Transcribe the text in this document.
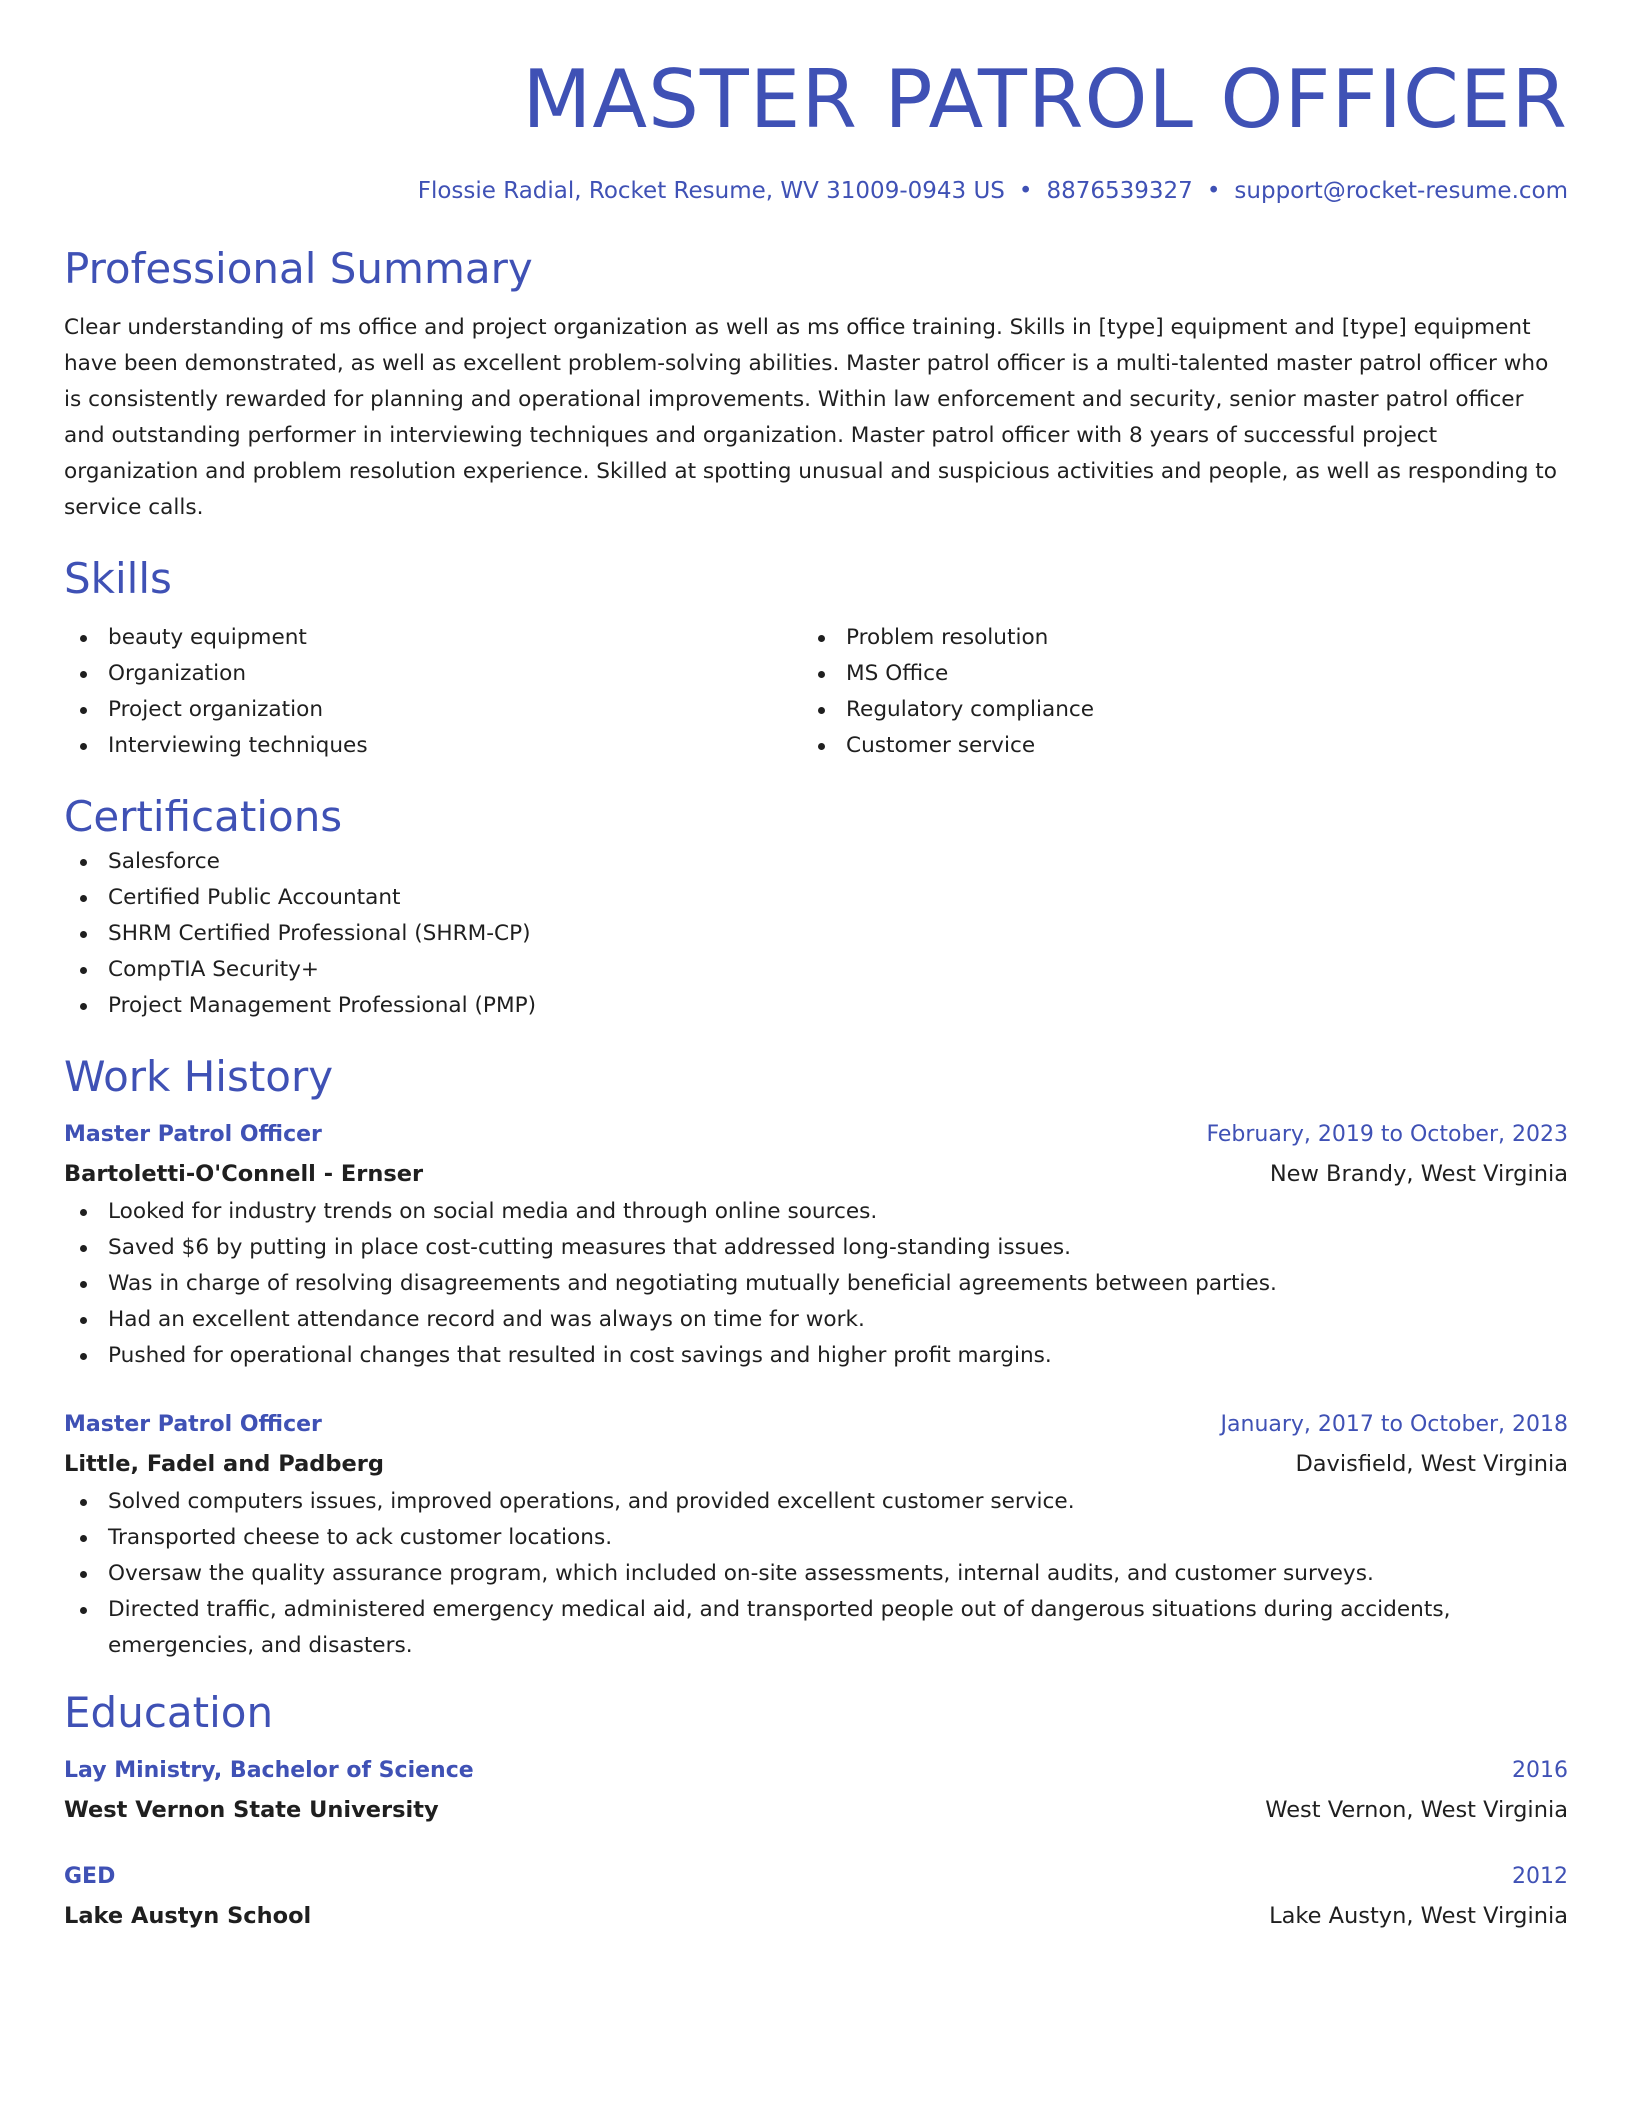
MASTER PATROL OFFICER
Flossie Radial, Rocket Resume, WV 31009-0943 US • 8876539327 • support@rocket-resume.com
Professional Summary

Clear understanding of ms office and project organization as well as ms office training. Skills in [type] equipment and [type] equipment have been demonstrated, as well as excellent problem-solving abilities. Master patrol officer is a multi-talented master patrol officer who is consistently rewarded for planning and operational improvements. Within law enforcement and security, senior master patrol officer and outstanding performer in interviewing techniques and organization. Master patrol officer with 8 years of successful project organization and problem resolution experience. Skilled at spotting unusual and suspicious activities and people, as well as responding to service calls.

Skills
beauty equipment
Organization
Project organization
Interviewing techniques
Problem resolution
MS Office
Regulatory compliance
Customer service
Certifications
Salesforce
Certified Public Accountant
SHRM Certified Professional (SHRM-CP)
CompTIA Security+
Project Management Professional (PMP)
Work History
Master Patrol Officer	February, 2019 to October, 2023
Bartoletti-O'Connell - Ernser	New Brandy, West Virginia
Looked for industry trends on social media and through online sources.
Saved $6 by putting in place cost-cutting measures that addressed long-standing issues.
Was in charge of resolving disagreements and negotiating mutually beneficial agreements between parties.
Had an excellent attendance record and was always on time for work.
Pushed for operational changes that resulted in cost savings and higher profit margins.
Master Patrol Officer	January, 2017 to October, 2018
Little, Fadel and Padberg	Davisfield, West Virginia
Solved computers issues, improved operations, and provided excellent customer service.
Transported cheese to ack customer locations.
Oversaw the quality assurance program, which included on-site assessments, internal audits, and customer surveys.
Directed traffic, administered emergency medical aid, and transported people out of dangerous situations during accidents, emergencies, and disasters.
Education
Lay Ministry, Bachelor of Science	2016
West Vernon State University	West Vernon, West Virginia
GED	2012
Lake Austyn School	Lake Austyn, West Virginia
